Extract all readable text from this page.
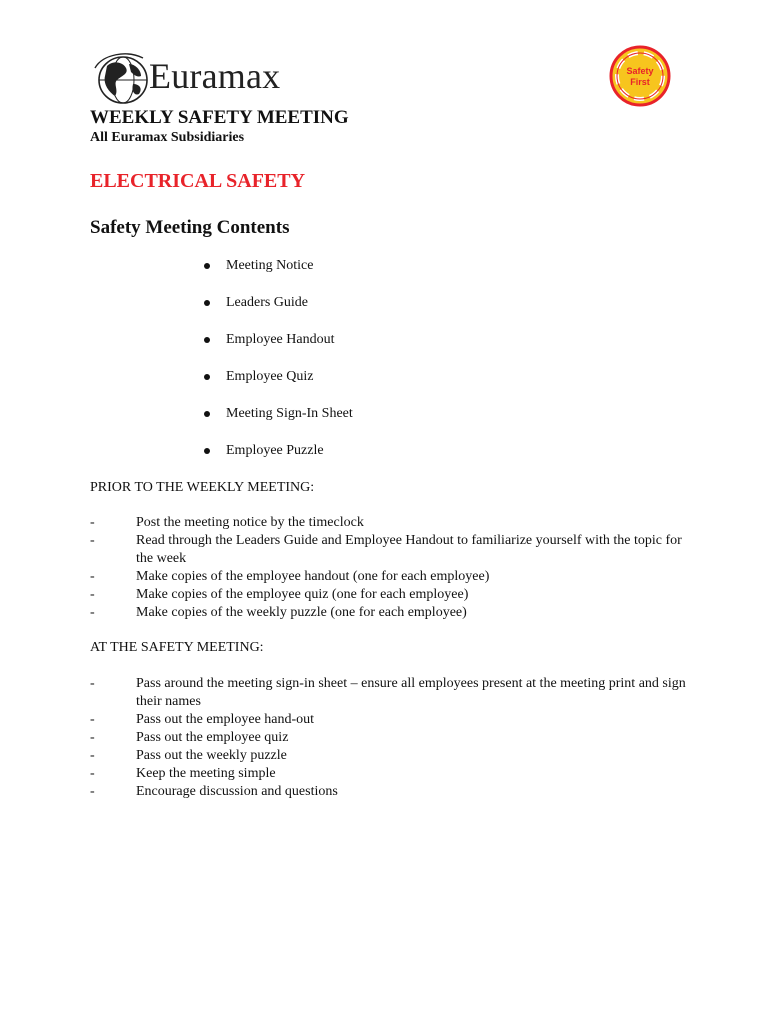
Euramax	Safety
First
WEEKLY SAFETY MEETING
All Euramax Subsidiaries
ELECTRICAL SAFETY
Safety Meeting Contents
Meeting Notice
Leaders Guide
Employee Handout
Employee Quiz
Meeting Sign-In Sheet
Employee Puzzle

PRIOR TO THE WEEKLY MEETING:

-	Post the meeting notice by the timeclock
-	Read through the Leaders Guide and Employee Handout to familiarize yourself with the topic for the week
-	Make copies of the employee handout (one for each employee)
-	Make copies of the employee quiz (one for each employee)
-	Make copies of the weekly puzzle (one for each employee)

AT THE SAFETY MEETING:

-	Pass around the meeting sign-in sheet – ensure all employees present at the meeting print and sign their names
-	Pass out the employee hand-out
-	Pass out the employee quiz
-	Pass out the weekly puzzle
-	Keep the meeting simple
-	Encourage discussion and questions
